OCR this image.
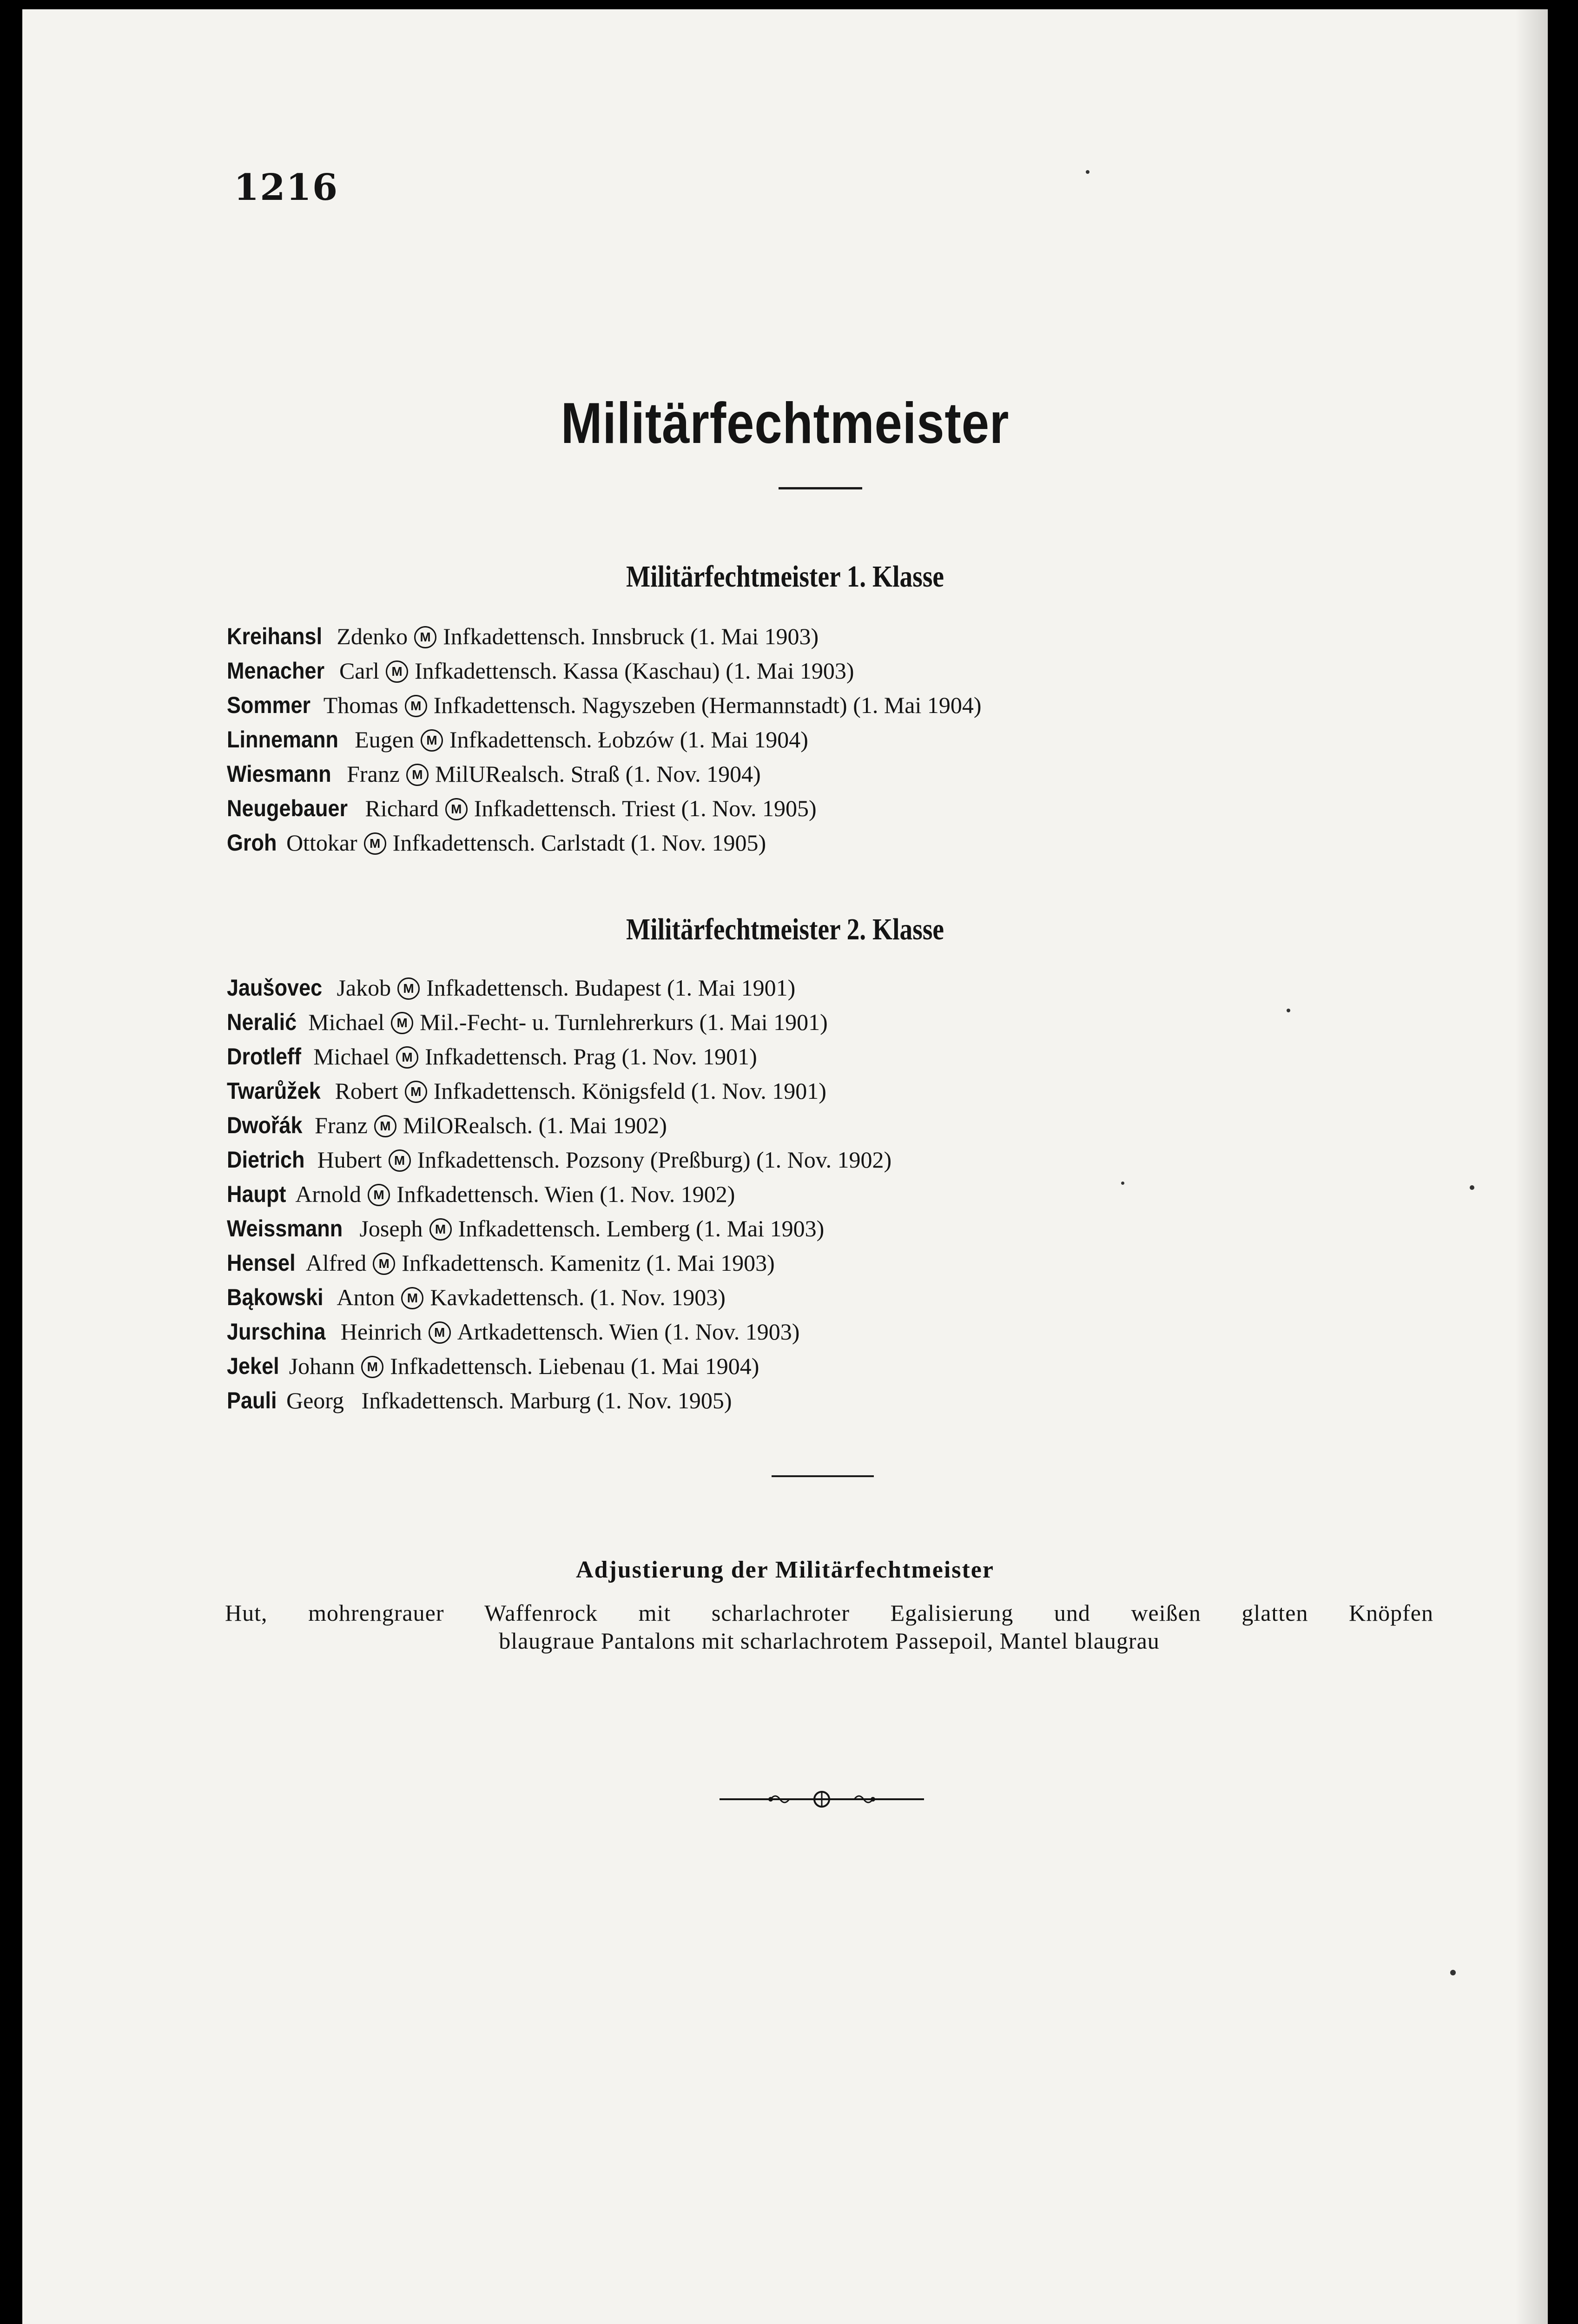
1216
Militärfechtmeister
Militärfechtmeister 1. Klasse
Kreihansl Zdenko M Infkadettensch. Innsbruck (1. Mai 1903)
Menacher Carl M Infkadettensch. Kassa (Kaschau) (1. Mai 1903)
Sommer Thomas M Infkadettensch. Nagyszeben (Hermannstadt) (1. Mai 1904)
Linnemann Eugen M Infkadettensch. Łobzów (1. Mai 1904)
Wiesmann Franz M MilURealsch. Straß (1. Nov. 1904)
Neugebauer Richard M Infkadettensch. Triest (1. Nov. 1905)
Groh Ottokar M Infkadettensch. Carlstadt (1. Nov. 1905)
Militärfechtmeister 2. Klasse
Jaušovec Jakob M Infkadettensch. Budapest (1. Mai 1901)
Neralić Michael M Mil.-Fecht- u. Turnlehrerkurs (1. Mai 1901)
Drotleff Michael M Infkadettensch. Prag (1. Nov. 1901)
Twarůžek Robert M Infkadettensch. Königsfeld (1. Nov. 1901)
Dwořák Franz M MilORealsch. (1. Mai 1902)
Dietrich Hubert M Infkadettensch. Pozsony (Preßburg) (1. Nov. 1902)
Haupt Arnold M Infkadettensch. Wien (1. Nov. 1902)
Weissmann Joseph M Infkadettensch. Lemberg (1. Mai 1903)
Hensel Alfred M Infkadettensch. Kamenitz (1. Mai 1903)
Bąkowski Anton M Kavkadettensch. (1. Nov. 1903)
Jurschina Heinrich M Artkadettensch. Wien (1. Nov. 1903)
Jekel Johann M Infkadettensch. Liebenau (1. Mai 1904)
Pauli Georg Infkadettensch. Marburg (1. Nov. 1905)
Adjustierung der Militärfechtmeister
Hut, mohrengrauer Waffenrock mit scharlachroter Egalisierung und weißen glatten Knöpfen
blaugraue Pantalons mit scharlachrotem Passepoil, Mantel blaugrau
